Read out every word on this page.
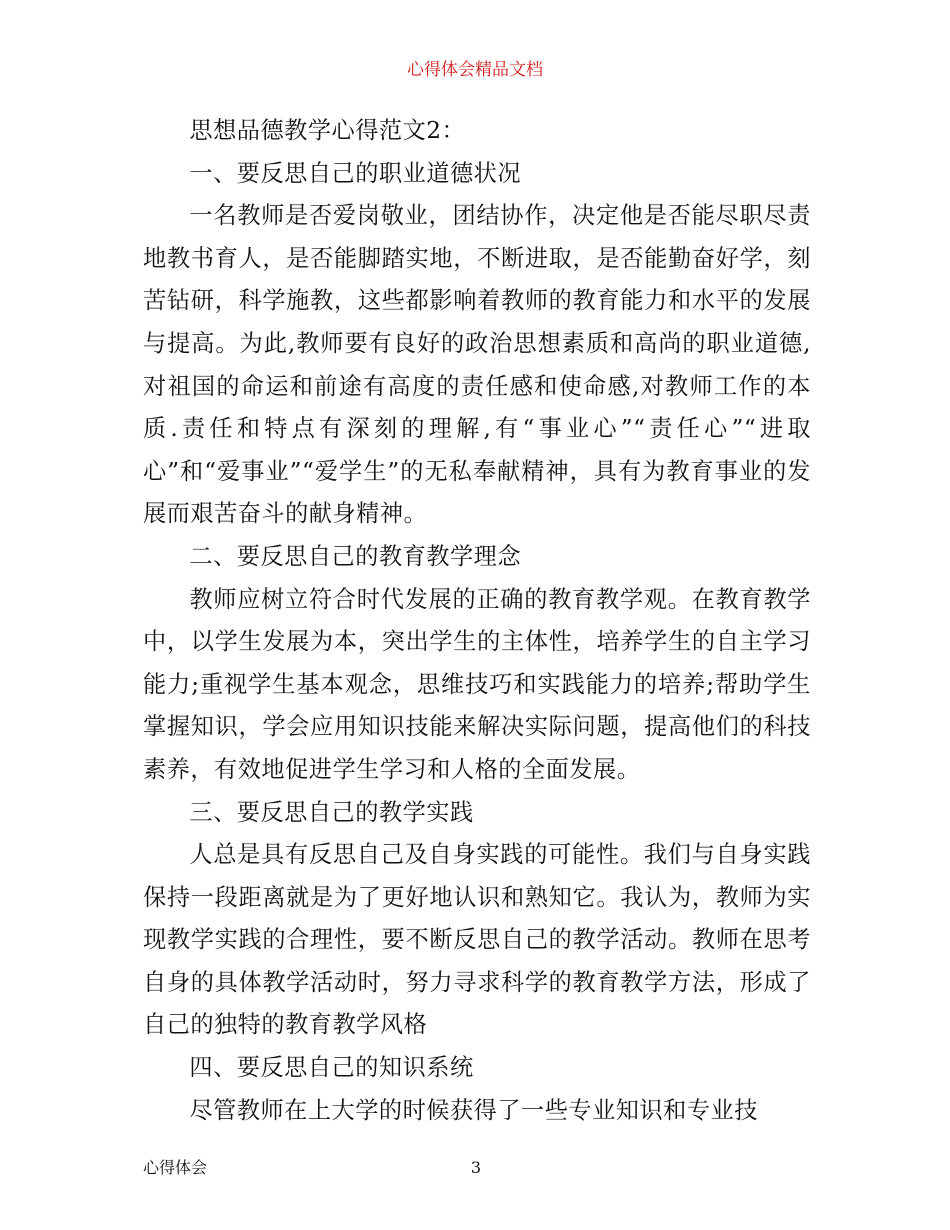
心得体会精品文档

思想品德教学心得范文2：

一、要反思自己的职业道德状况

一名教师是否爱岗敬业，团结协作，决定他是否能尽职尽责地教书育人，是否能脚踏实地，不断进取，是否能勤奋好学，刻苦钻研，科学施教，这些都影响着教师的教育能力和水平的发展与提高。为此,教师要有良好的政治思想素质和高尚的职业道德,对祖国的命运和前途有高度的责任感和使命感,对教师工作的本质.责任和特点有深刻的理解,有“事业心”“责任心”“进取心”和“爱事业”“爱学生”的无私奉献精神，具有为教育事业的发展而艰苦奋斗的献身精神。

二、要反思自己的教育教学理念

教师应树立符合时代发展的正确的教育教学观。在教育教学中，以学生发展为本，突出学生的主体性，培养学生的自主学习能力;重视学生基本观念，思维技巧和实践能力的培养;帮助学生掌握知识，学会应用知识技能来解决实际问题，提高他们的科技素养，有效地促进学生学习和人格的全面发展。

三、要反思自己的教学实践

人总是具有反思自己及自身实践的可能性。我们与自身实践保持一段距离就是为了更好地认识和熟知它。我认为，教师为实现教学实践的合理性，要不断反思自己的教学活动。教师在思考自身的具体教学活动时，努力寻求科学的教育教学方法，形成了自己的独特的教育教学风格

四、要反思自己的知识系统

尽管教师在上大学的时候获得了一些专业知识和专业技

心得体会	3
